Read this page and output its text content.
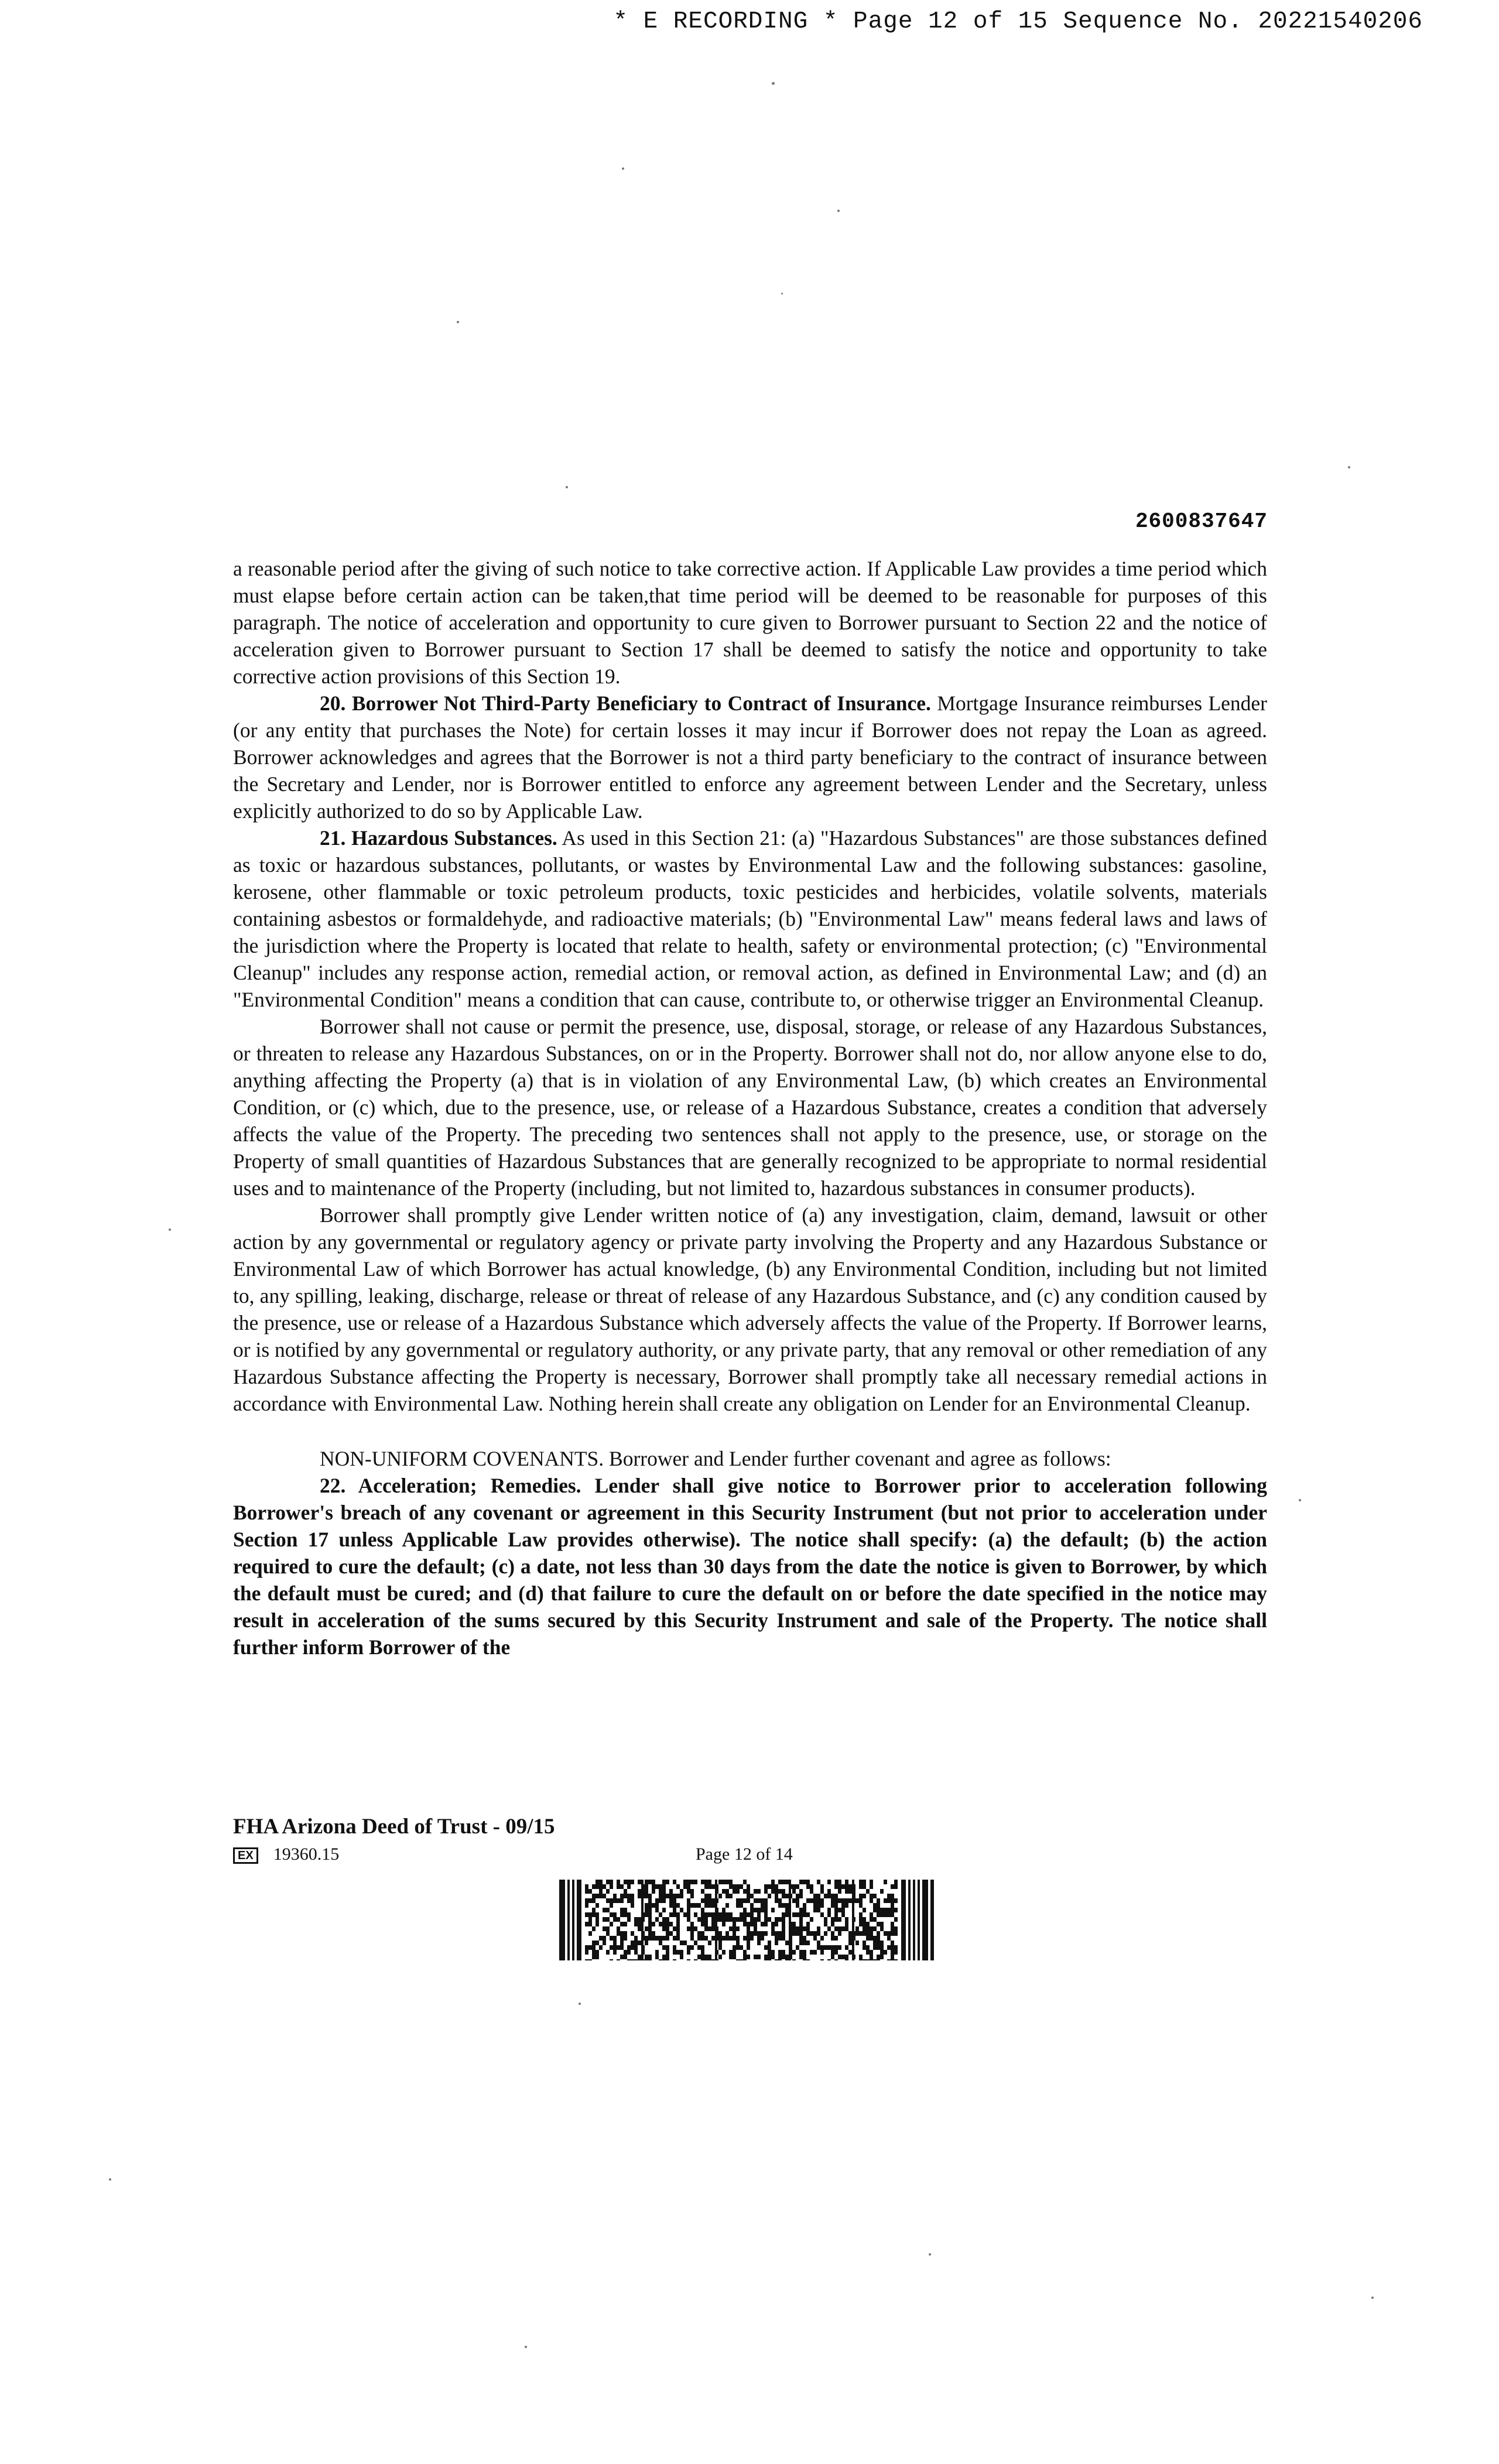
* E RECORDING * Page 12 of 15 Sequence No. 20221540206
2600837647

a reasonable period after the giving of such notice to take corrective action. If Applicable Law provides a time period which must elapse before certain action can be taken,that time period will be deemed to be reasonable for purposes of this paragraph. The notice of acceleration and opportunity to cure given to Borrower pursuant to Section 22 and the notice of acceleration given to Borrower pursuant to Section 17 shall be deemed to satisfy the notice and opportunity to take corrective action provisions of this Section 19.

20. Borrower Not Third-Party Beneficiary to Contract of Insurance. Mortgage Insurance reimburses Lender (or any entity that purchases the Note) for certain losses it may incur if Borrower does not repay the Loan as agreed. Borrower acknowledges and agrees that the Borrower is not a third party beneficiary to the contract of insurance between the Secretary and Lender, nor is Borrower entitled to enforce any agreement between Lender and the Secretary, unless explicitly authorized to do so by Applicable Law.

21. Hazardous Substances. As used in this Section 21: (a) "Hazardous Substances" are those substances defined as toxic or hazardous substances, pollutants, or wastes by Environmental Law and the following substances: gasoline, kerosene, other flammable or toxic petroleum products, toxic pesticides and herbicides, volatile solvents, materials containing asbestos or formaldehyde, and radioactive materials; (b) "Environmental Law" means federal laws and laws of the jurisdiction where the Property is located that relate to health, safety or environmental protection; (c) "Environmental Cleanup" includes any response action, remedial action, or removal action, as defined in Environmental Law; and (d) an "Environmental Condition" means a condition that can cause, contribute to, or otherwise trigger an Environmental Cleanup.

Borrower shall not cause or permit the presence, use, disposal, storage, or release of any Hazardous Substances, or threaten to release any Hazardous Substances, on or in the Property. Borrower shall not do, nor allow anyone else to do, anything affecting the Property (a) that is in violation of any Environmental Law, (b) which creates an Environmental Condition, or (c) which, due to the presence, use, or release of a Hazardous Substance, creates a condition that adversely affects the value of the Property. The preceding two sentences shall not apply to the presence, use, or storage on the Property of small quantities of Hazardous Substances that are generally recognized to be appropriate to normal residential uses and to maintenance of the Property (including, but not limited to, hazardous substances in consumer products).

Borrower shall promptly give Lender written notice of (a) any investigation, claim, demand, lawsuit or other action by any governmental or regulatory agency or private party involving the Property and any Hazardous Substance or Environmental Law of which Borrower has actual knowledge, (b) any Environmental Condition, including but not limited to, any spilling, leaking, discharge, release or threat of release of any Hazardous Substance, and (c) any condition caused by the presence, use or release of a Hazardous Substance which adversely affects the value of the Property. If Borrower learns, or is notified by any governmental or regulatory authority, or any private party, that any removal or other remediation of any Hazardous Substance affecting the Property is necessary, Borrower shall promptly take all necessary remedial actions in accordance with Environmental Law. Nothing herein shall create any obligation on Lender for an Environmental Cleanup.

NON-UNIFORM COVENANTS. Borrower and Lender further covenant and agree as follows:

22. Acceleration; Remedies. Lender shall give notice to Borrower prior to acceleration following Borrower's breach of any covenant or agreement in this Security Instrument (but not prior to acceleration under Section 17 unless Applicable Law provides otherwise). The notice shall specify: (a) the default; (b) the action required to cure the default; (c) a date, not less than 30 days from the date the notice is given to Borrower, by which the default must be cured; and (d) that failure to cure the default on or before the date specified in the notice may result in acceleration of the sums secured by this Security Instrument and sale of the Property. The notice shall further inform Borrower of the

FHA Arizona Deed of Trust - 09/15
EX 19360.15	Page 12 of 14
